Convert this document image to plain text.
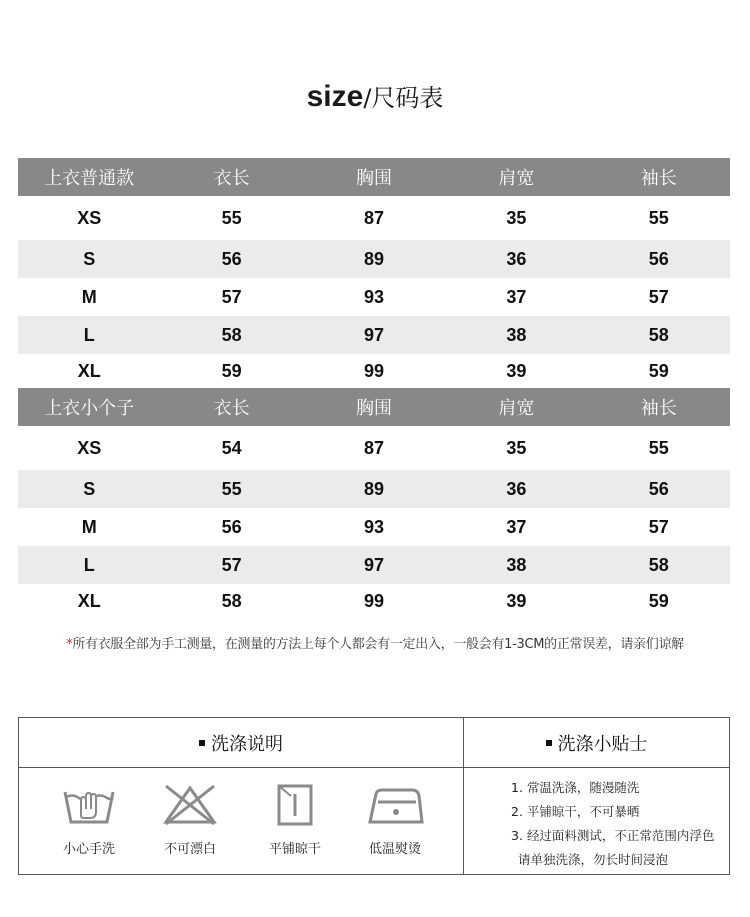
size/尺码表
上衣普通款	衣长	胸围	肩宽	袖长
XS	55	87	35	55
S	56	89	36	56
M	57	93	37	57
L	58	97	38	58
XL	59	99	39	59
上衣小个子	衣长	胸围	肩宽	袖长
XS	54	87	35	55
S	55	89	36	56
M	56	93	37	57
L	57	97	38	58
XL	58	99	39	59
*所有衣服全部为手工测量，在测量的方法上每个人都会有一定出入，一般会有1-3CM的正常误差，请亲们谅解
洗涤说明	洗涤小贴士
小心手洗	不可漂白	平铺晾干	低温熨烫
1. 常温洗涤，随漫随洗
2. 平铺晾干，不可暴晒
3. 经过面料测试，不正常范围内浮色
请单独洗涤，勿长时间浸泡
